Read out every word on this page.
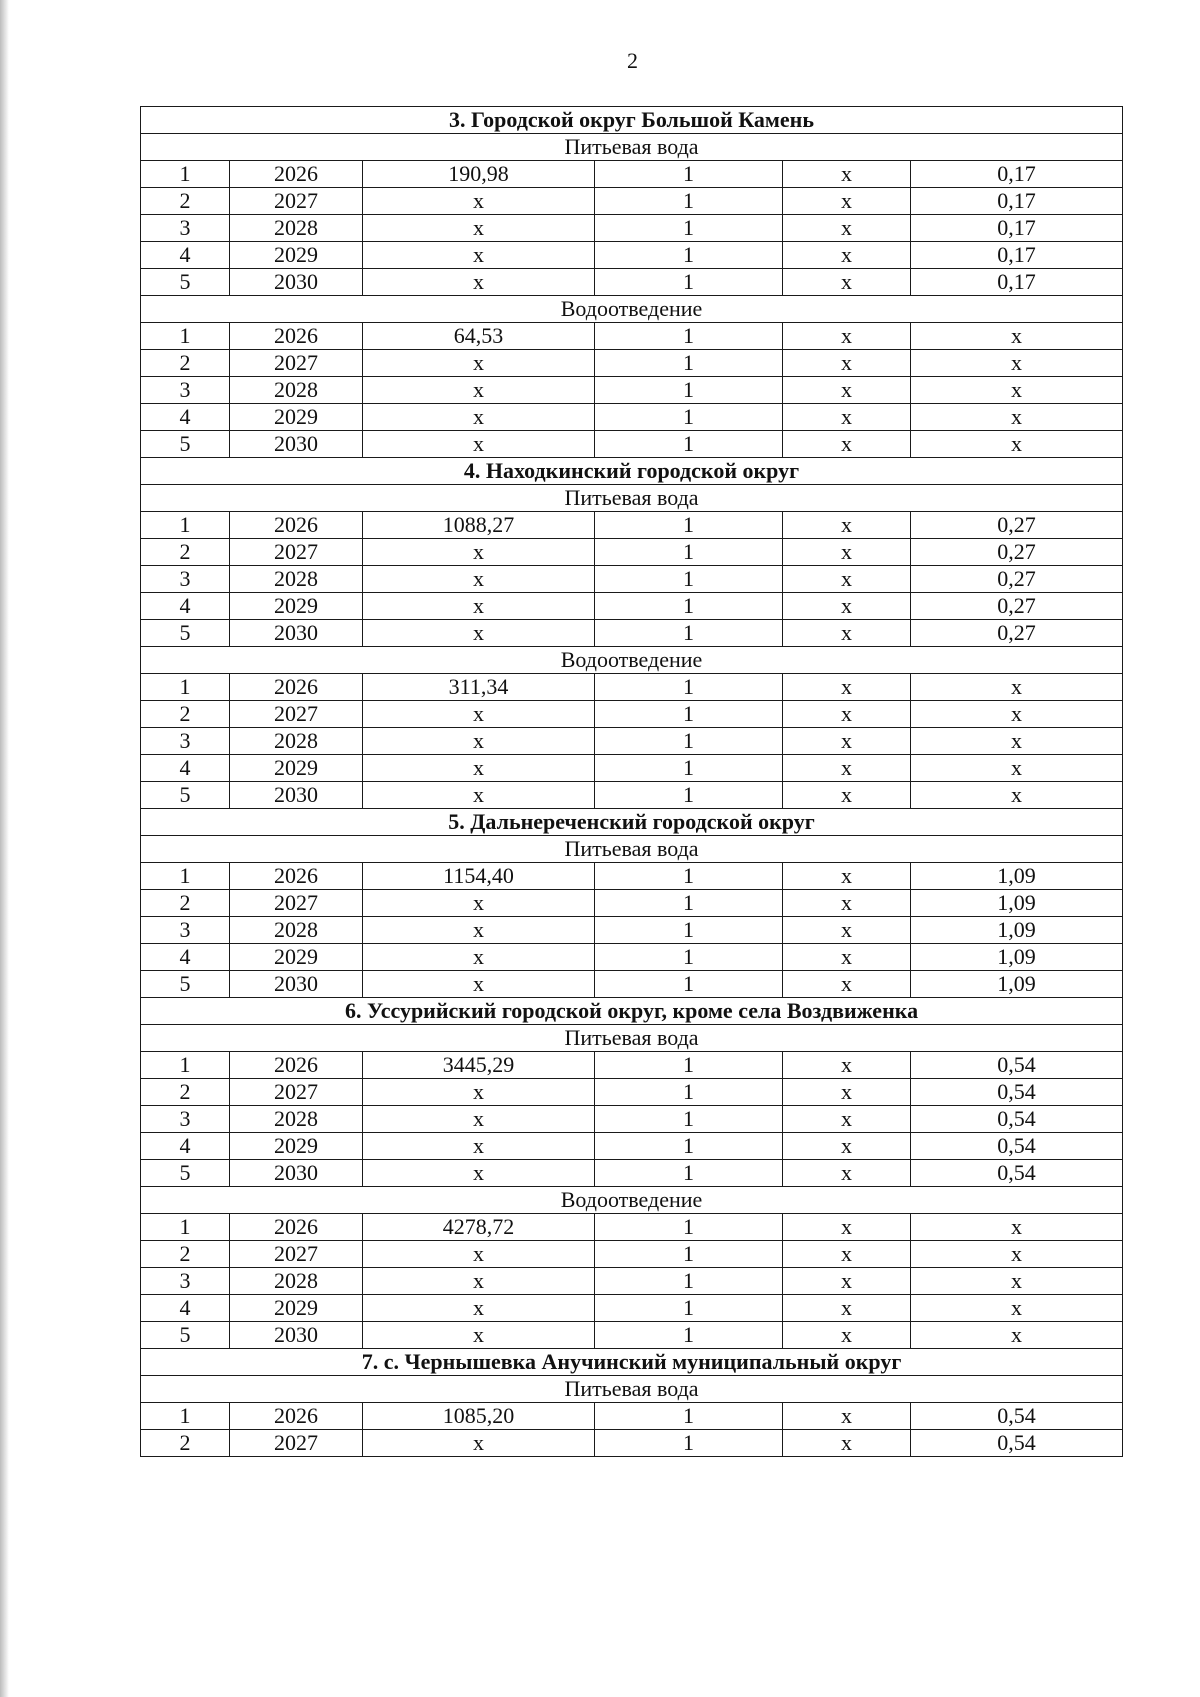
2
3. Городской округ Большой Камень					
Питьевая вода					
1	2026	190,98	1	x	0,17
2	2027	x	1	x	0,17
3	2028	x	1	x	0,17
4	2029	x	1	x	0,17
5	2030	x	1	x	0,17
Водоотведение					
1	2026	64,53	1	x	x
2	2027	x	1	x	x
3	2028	x	1	x	x
4	2029	x	1	x	x
5	2030	x	1	x	x
4. Находкинский городской округ					
Питьевая вода					
1	2026	1088,27	1	x	0,27
2	2027	x	1	x	0,27
3	2028	x	1	x	0,27
4	2029	x	1	x	0,27
5	2030	x	1	x	0,27
Водоотведение					
1	2026	311,34	1	x	x
2	2027	x	1	x	x
3	2028	x	1	x	x
4	2029	x	1	x	x
5	2030	x	1	x	x
5. Дальнереченский городской округ					
Питьевая вода					
1	2026	1154,40	1	x	1,09
2	2027	x	1	x	1,09
3	2028	x	1	x	1,09
4	2029	x	1	x	1,09
5	2030	x	1	x	1,09
6. Уссурийский городской округ, кроме села Воздвиженка					
Питьевая вода					
1	2026	3445,29	1	x	0,54
2	2027	x	1	x	0,54
3	2028	x	1	x	0,54
4	2029	x	1	x	0,54
5	2030	x	1	x	0,54
Водоотведение					
1	2026	4278,72	1	x	x
2	2027	x	1	x	x
3	2028	x	1	x	x
4	2029	x	1	x	x
5	2030	x	1	x	x
7. с. Чернышевка Анучинский муниципальный округ					
Питьевая вода					
1	2026	1085,20	1	x	0,54
2	2027	x	1	x	0,54
